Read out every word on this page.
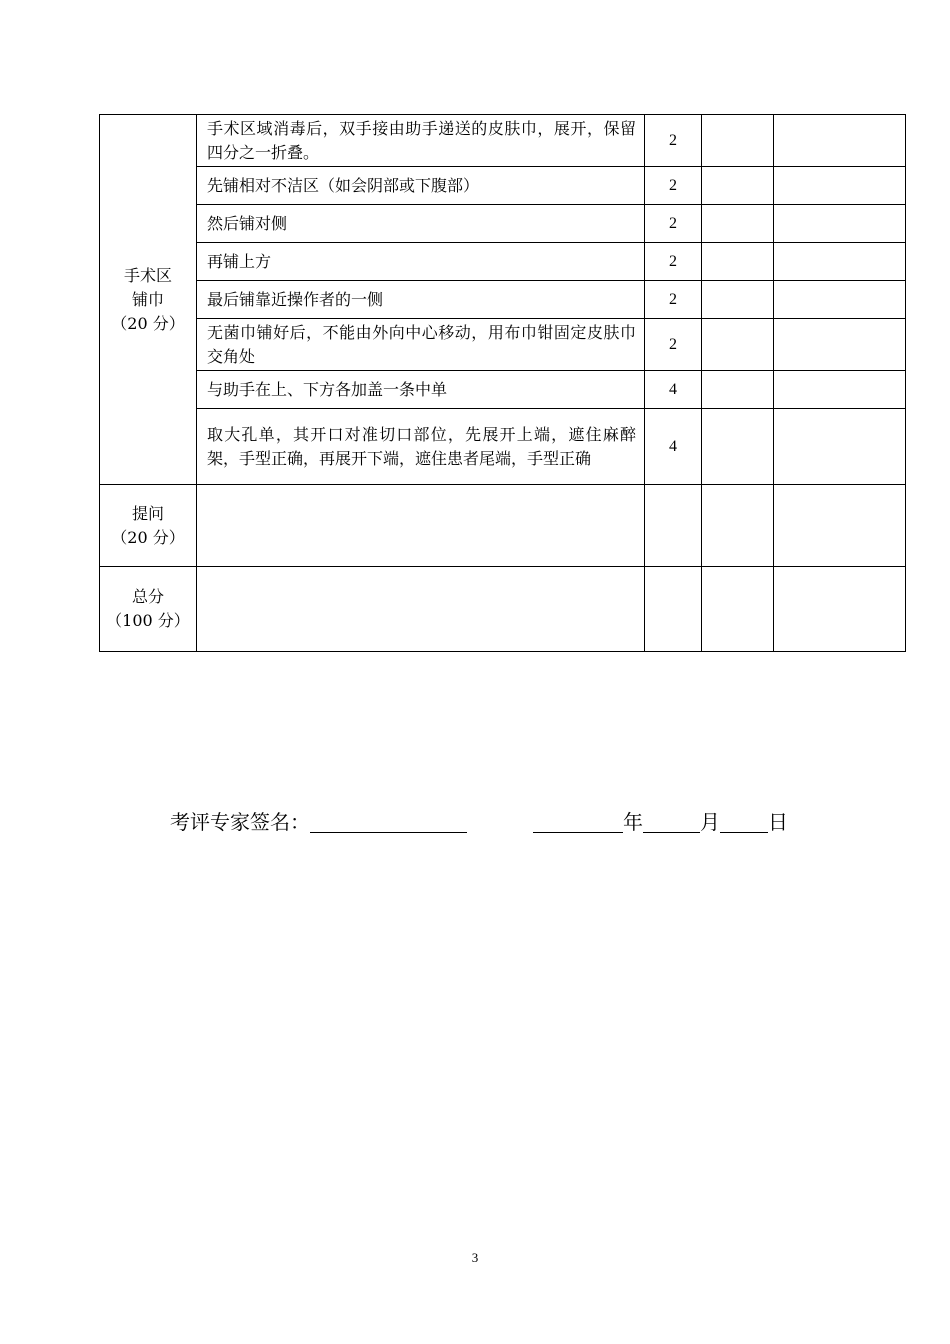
手术区
铺巾
（20 分）	手术区域消毒后，双手接由助手递送的皮肤巾，展开，保留四分之一折叠。	2		
	先铺相对不洁区（如会阴部或下腹部）	2		
	然后铺对侧	2		
	再铺上方	2		
	最后铺靠近操作者的一侧	2		
	无菌巾铺好后，不能由外向中心移动，用布巾钳固定皮肤巾交角处	2		
	与助手在上、下方各加盖一条中单	4		
	取大孔单，其开口对准切口部位，先展开上端，遮住麻醉架，手型正确，再展开下端，遮住患者尾端，手型正确	4		

提问
（20 分）				

总分
（100 分）				

考评专家签名：	年	月 日
3
